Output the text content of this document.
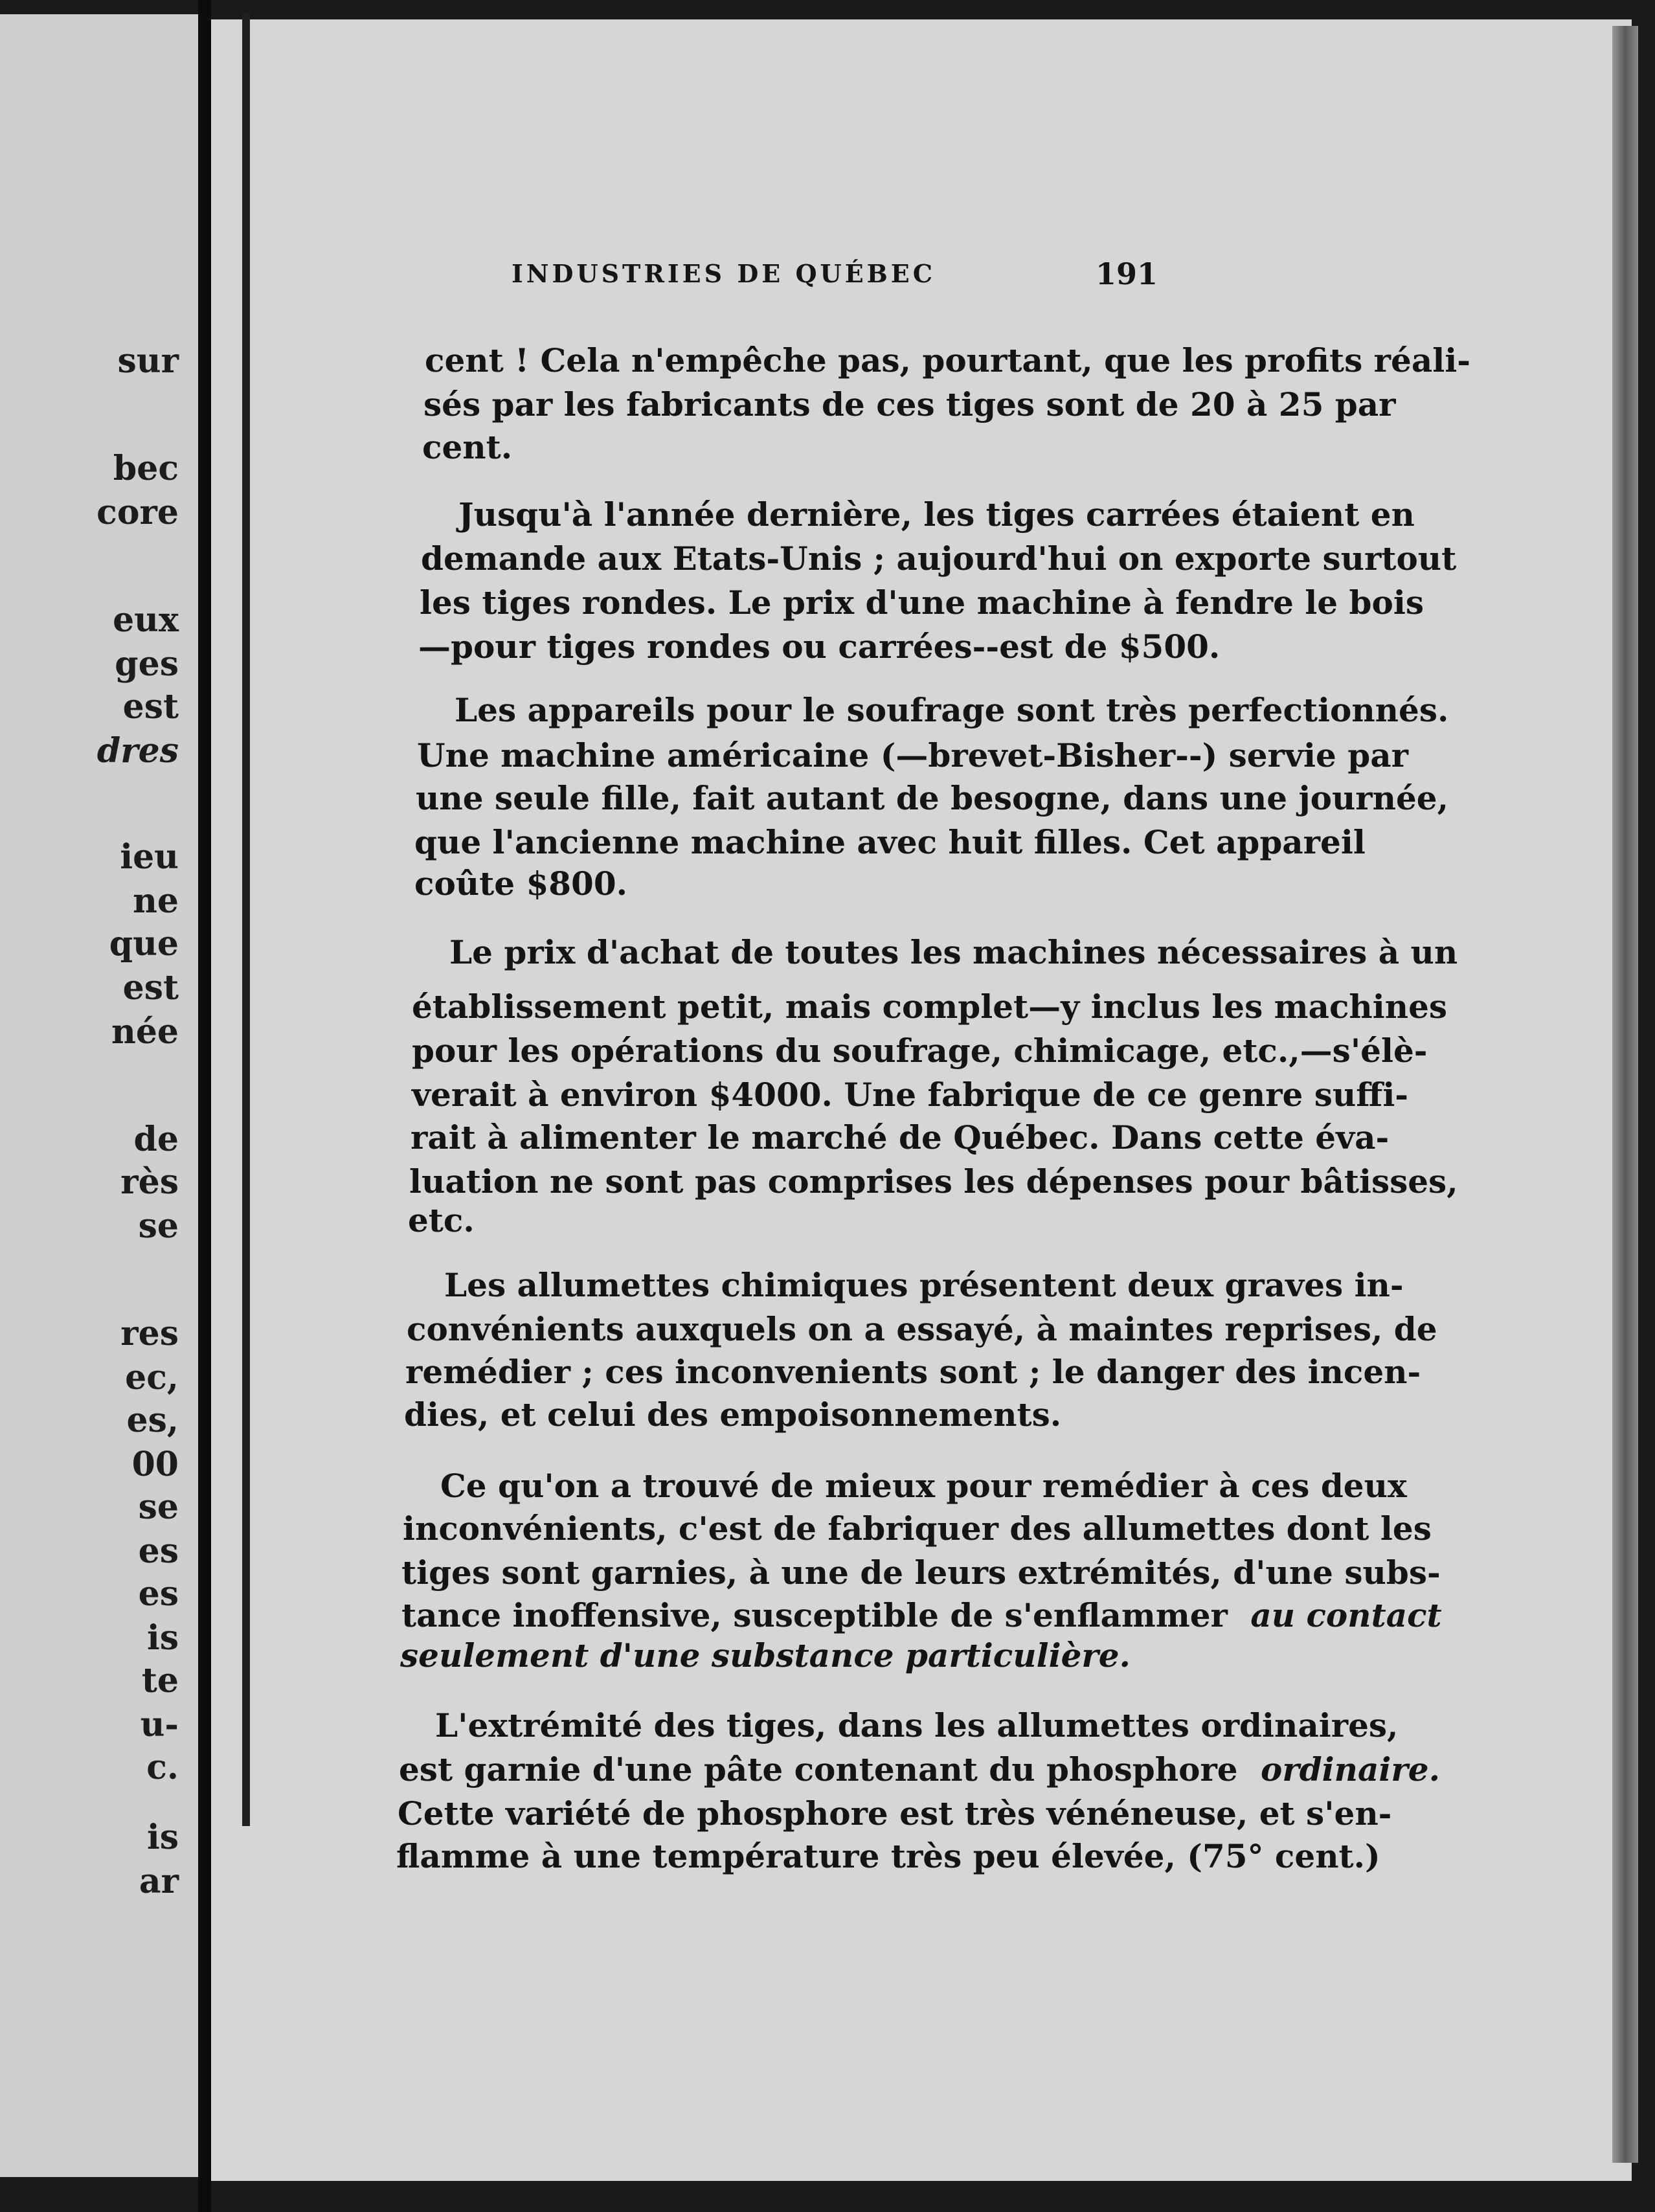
sur
bec
core
eux
ges
est
dres
ieu
ne
que
est
née
de
rès
se
res
ec,
es,
00
se
es
es
is
te
u-
c.
is
ar
INDUSTRIES DE QUÉBEC	191
cent ! Cela n'empêche pas, pourtant, que les profits réali-
sés par les fabricants de ces tiges sont de 20 à 25 par
cent.
Jusqu'à l'année dernière, les tiges carrées étaient en
demande aux Etats-Unis ; aujourd'hui on exporte surtout
les tiges rondes. Le prix d'une machine à fendre le bois
—pour tiges rondes ou carrées--est de $500.
Les appareils pour le soufrage sont très perfectionnés.
Une machine américaine (—brevet-Bisher--) servie par
une seule fille, fait autant de besogne, dans une journée,
que l'ancienne machine avec huit filles. Cet appareil
coûte $800.
Le prix d'achat de toutes les machines nécessaires à un
établissement petit, mais complet—y inclus les machines
pour les opérations du soufrage, chimicage, etc.,—s'élè-
verait à environ $4000. Une fabrique de ce genre suffi-
rait à alimenter le marché de Québec. Dans cette éva-
luation ne sont pas comprises les dépenses pour bâtisses,
etc.
Les allumettes chimiques présentent deux graves in-
convénients auxquels on a essayé, à maintes reprises, de
remédier ; ces inconvenients sont ; le danger des incen-
dies, et celui des empoisonnements.
Ce qu'on a trouvé de mieux pour remédier à ces deux
inconvénients, c'est de fabriquer des allumettes dont les
tiges sont garnies, à une de leurs extrémités, d'une subs-
tance inoffensive, susceptible de s'enflammer au contact
seulement d'une substance particulière.
L'extrémité des tiges, dans les allumettes ordinaires,
est garnie d'une pâte contenant du phosphore ordinaire.
Cette variété de phosphore est très vénéneuse, et s'en-
flamme à une température très peu élevée, (75° cent.)
